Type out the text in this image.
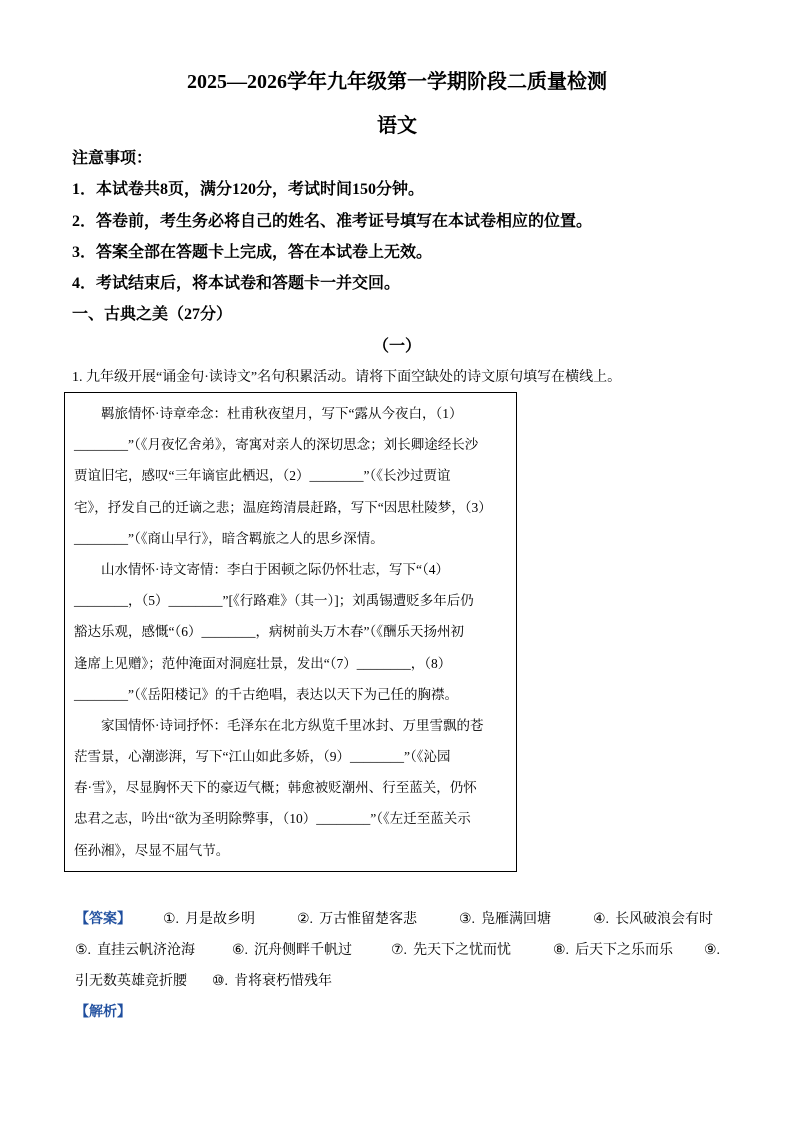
2025—2026学年九年级第一学期阶段二质量检测
语文
注意事项：
1．本试卷共8页，满分120分，考试时间150分钟。
2．答卷前，考生务必将自己的姓名、准考证号填写在本试卷相应的位置。
3．答案全部在答题卡上完成，答在本试卷上无效。
4．考试结束后，将本试卷和答题卡一并交回。
一、古典之美（27分）
（一）
1. 九年级开展“诵金句·读诗文”名句积累活动。请将下面空缺处的诗文原句填写在横线上。
羁旅情怀·诗章牵念：杜甫秋夜望月，写下“露从今夜白，（1）
________”（《月夜忆舍弟》，寄寓对亲人的深切思念；刘长卿途经长沙
贾谊旧宅，感叹“三年谪宦此栖迟，（2）________”（《长沙过贾谊
宅》，抒发自己的迁谪之悲；温庭筠清晨赶路，写下“因思杜陵梦，（3）
________”（《商山早行》，暗含羁旅之人的思乡深情。
山水情怀·诗文寄情：李白于困顿之际仍怀壮志，写下“（4）
________，（5）________”[《行路难》（其一）]；刘禹锡遭贬多年后仍
豁达乐观，感慨“（6）________，病树前头万木春”（《酬乐天扬州初
逢席上见赠》；范仲淹面对洞庭壮景，发出“（7）________，（8）
________”（《岳阳楼记》的千古绝唱，表达以天下为己任的胸襟。
家国情怀·诗词抒怀：毛泽东在北方纵览千里冰封、万里雪飘的苍
茫雪景，心潮澎湃，写下“江山如此多娇，（9）________”（《沁园
春·雪》，尽显胸怀天下的豪迈气概；韩愈被贬潮州、行至蓝关，仍怀
忠君之志，吟出“欲为圣明除弊事，（10）________”（《左迁至蓝关示
侄孙湘》，尽显不屈气节。
【答案】 ①. 月是故乡明	②. 万古惟留楚客悲	③. 凫雁满回塘	④. 长风破浪会有时
⑤. 直挂云帆济沧海	⑥. 沉舟侧畔千帆过	⑦. 先天下之忧而忧	⑧. 后天下之乐而乐 ⑨.
引无数英雄竞折腰 ⑩. 肯将衰朽惜残年
【解析】
